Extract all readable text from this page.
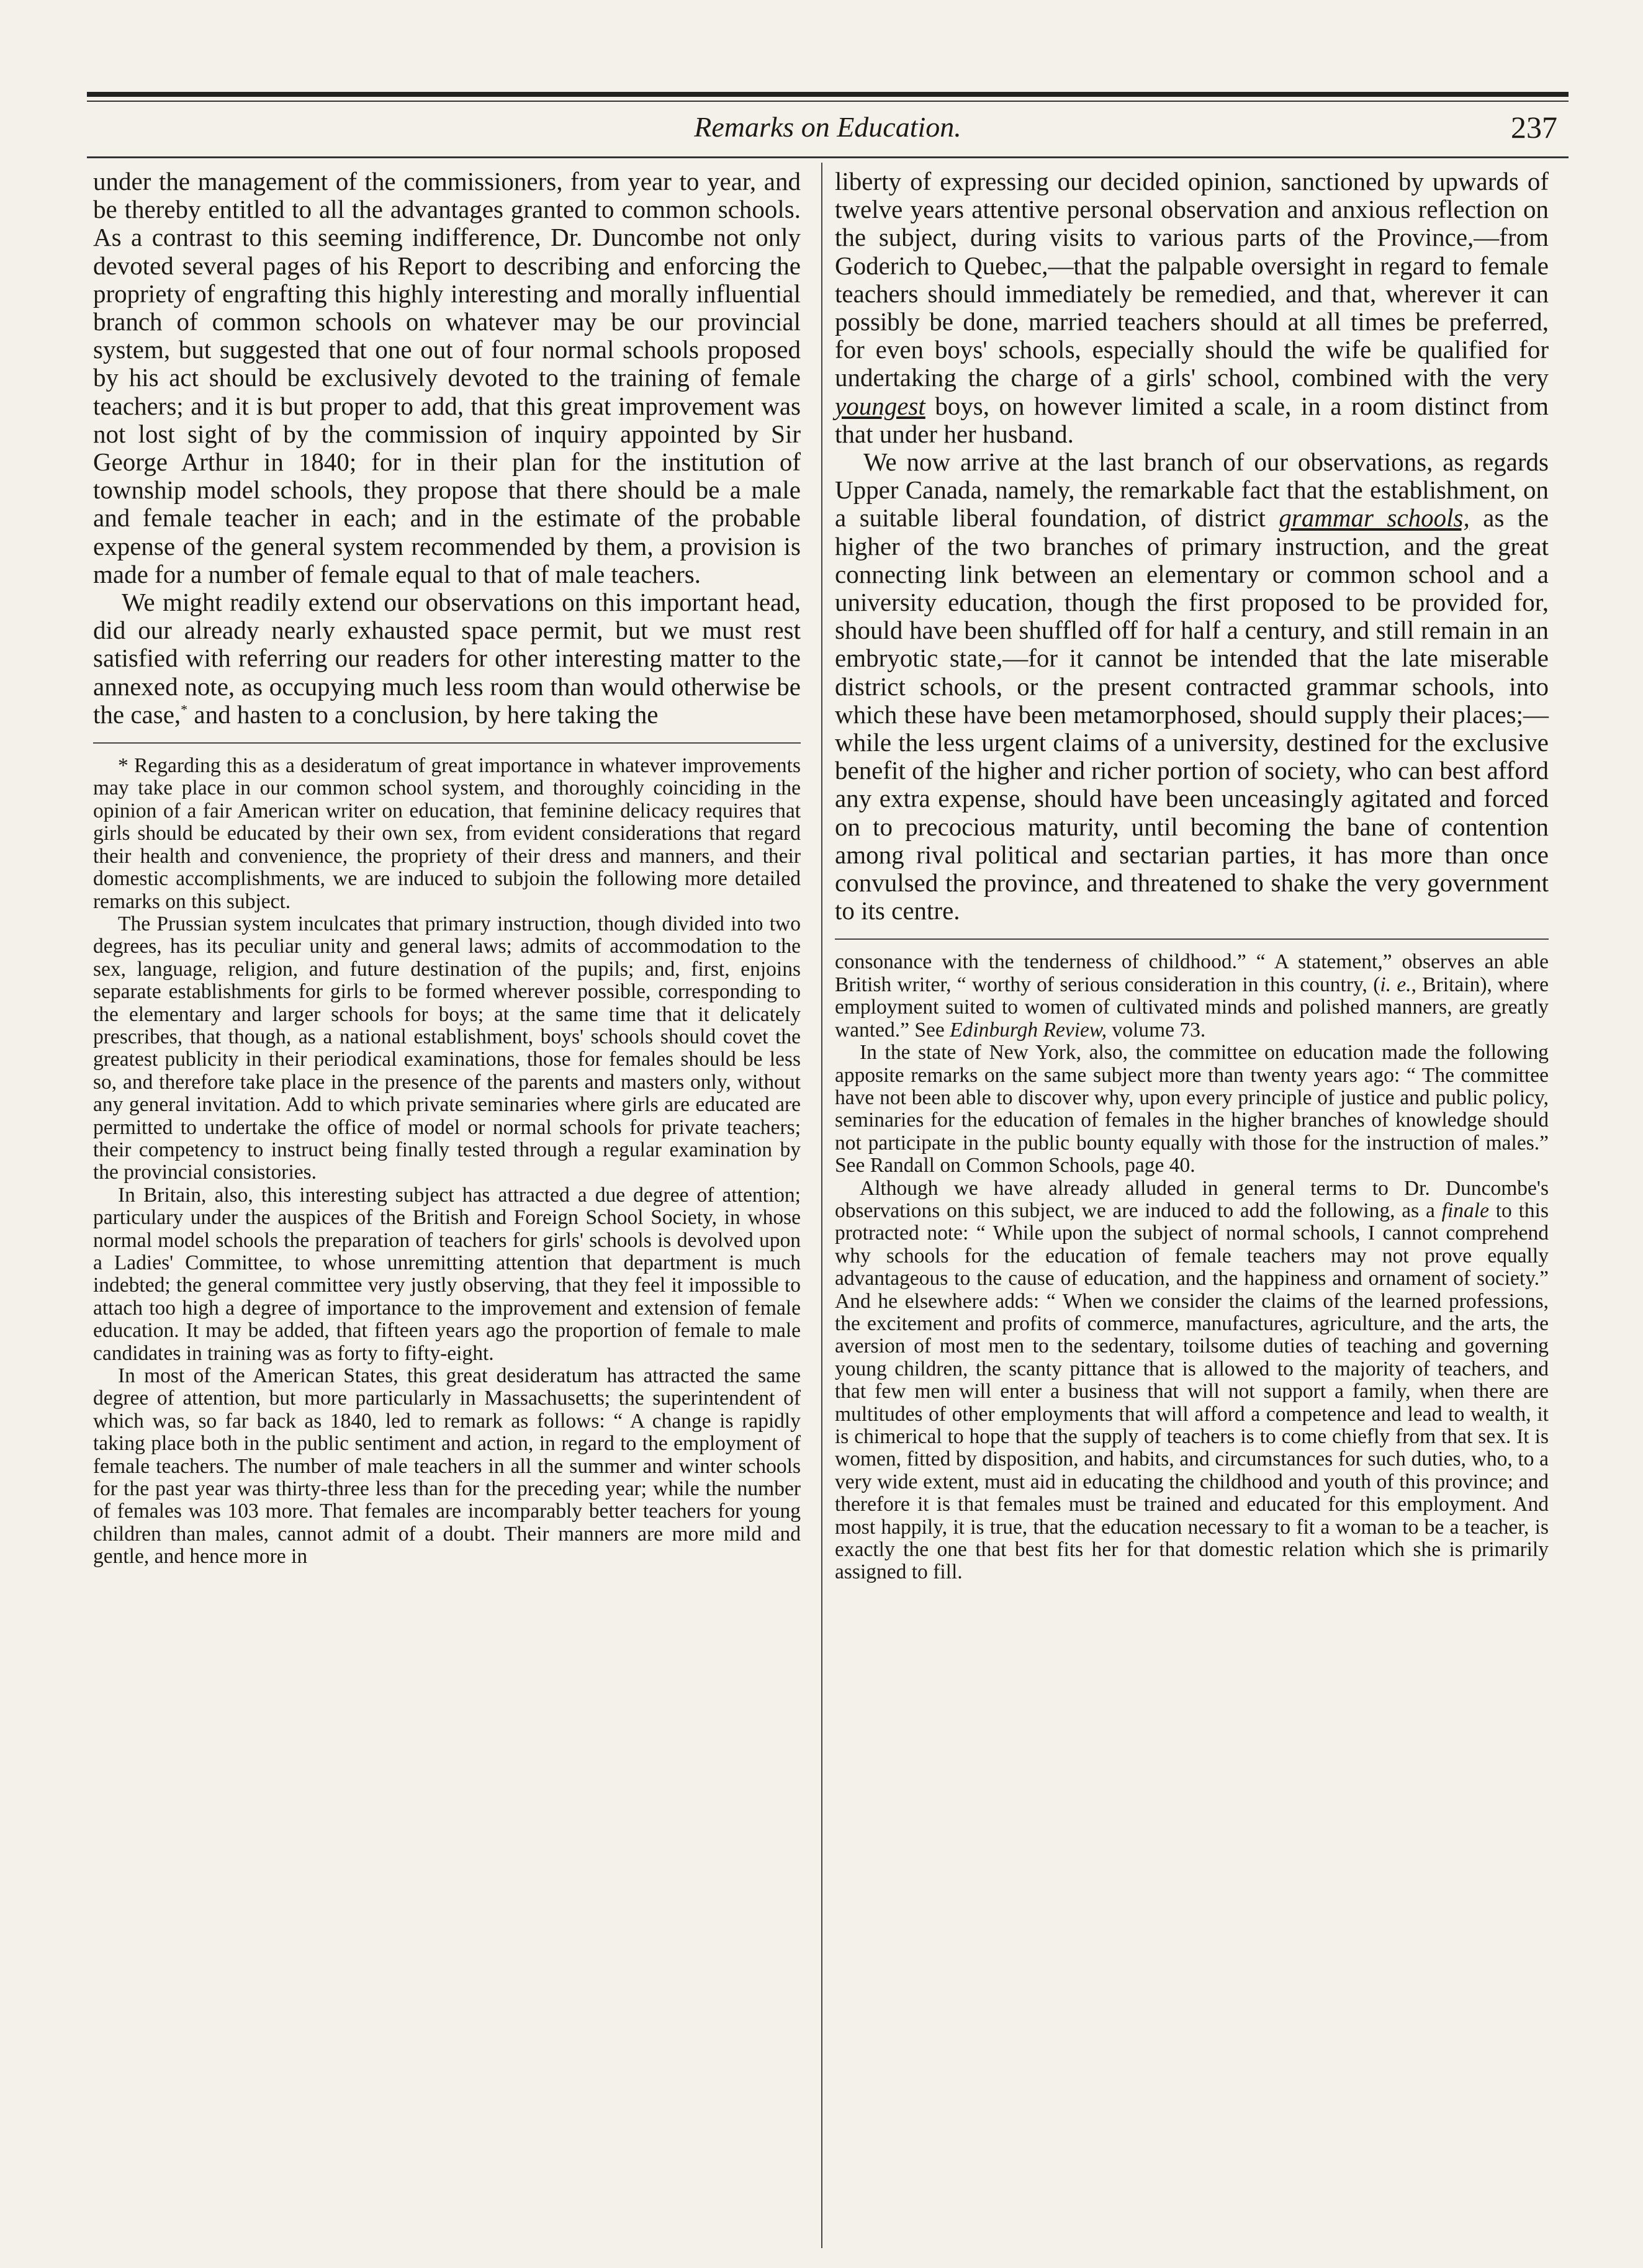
Remarks on Education.	237

under the management of the commissioners, from year to year, and be thereby entitled to all the advantages granted to common schools. As a contrast to this seeming indifference, Dr. Duncombe not only devoted several pages of his Report to describing and enforcing the propriety of engrafting this highly interesting and morally influential branch of common schools on whatever may be our provincial system, but suggested that one out of four normal schools proposed by his act should be exclusively devoted to the training of female teachers; and it is but proper to add, that this great improvement was not lost sight of by the commission of inquiry appointed by Sir George Arthur in 1840; for in their plan for the institution of township model schools, they propose that there should be a male and female teacher in each; and in the estimate of the probable expense of the general system recommended by them, a provision is made for a number of female equal to that of male teachers.

We might readily extend our observations on this important head, did our already nearly exhausted space permit, but we must rest satisfied with referring our readers for other interesting matter to the annexed note, as occupying much less room than would otherwise be the case,* and hasten to a conclusion, by here taking the

* Regarding this as a desideratum of great importance in whatever improvements may take place in our common school system, and thoroughly coinciding in the opinion of a fair American writer on education, that feminine delicacy requires that girls should be educated by their own sex, from evident considerations that regard their health and convenience, the propriety of their dress and manners, and their domestic accomplishments, we are induced to subjoin the following more detailed remarks on this subject.

The Prussian system inculcates that primary instruction, though divided into two degrees, has its peculiar unity and general laws; admits of accommodation to the sex, language, religion, and future destination of the pupils; and, first, enjoins separate establishments for girls to be formed wherever possible, corresponding to the elementary and larger schools for boys; at the same time that it delicately prescribes, that though, as a national establishment, boys' schools should covet the greatest publicity in their periodical examinations, those for females should be less so, and therefore take place in the presence of the parents and masters only, without any general invitation. Add to which private seminaries where girls are educated are permitted to undertake the office of model or normal schools for private teachers; their competency to instruct being finally tested through a regular examination by the provincial consistories.

In Britain, also, this interesting subject has attracted a due degree of attention; particulary under the auspices of the British and Foreign School Society, in whose normal model schools the preparation of teachers for girls' schools is devolved upon a Ladies' Committee, to whose unremitting attention that department is much indebted; the general committee very justly observing, that they feel it impossible to attach too high a degree of importance to the improvement and extension of female education. It may be added, that fifteen years ago the proportion of female to male candidates in training was as forty to fifty-eight.

In most of the American States, this great desideratum has attracted the same degree of attention, but more particularly in Massachusetts; the superintendent of which was, so far back as 1840, led to remark as follows: “ A change is rapidly taking place both in the public sentiment and action, in regard to the employment of female teachers. The number of male teachers in all the summer and winter schools for the past year was thirty-three less than for the preceding year; while the number of females was 103 more. That females are incomparably better teachers for young children than males, cannot admit of a doubt. Their manners are more mild and gentle, and hence more in

liberty of expressing our decided opinion, sanctioned by upwards of twelve years attentive personal observation and anxious reflection on the subject, during visits to various parts of the Province,—from Goderich to Quebec,—that the palpable oversight in regard to female teachers should immediately be remedied, and that, wherever it can possibly be done, married teachers should at all times be preferred, for even boys' schools, especially should the wife be qualified for undertaking the charge of a girls' school, combined with the very youngest boys, on however limited a scale, in a room distinct from that under her husband.

We now arrive at the last branch of our observations, as regards Upper Canada, namely, the remarkable fact that the establishment, on a suitable liberal foundation, of district grammar schools, as the higher of the two branches of primary instruction, and the great connecting link between an elementary or common school and a university education, though the first proposed to be provided for, should have been shuffled off for half a century, and still remain in an embryotic state,—for it cannot be intended that the late miserable district schools, or the present contracted grammar schools, into which these have been metamorphosed, should supply their places;—while the less urgent claims of a university, destined for the exclusive benefit of the higher and richer portion of society, who can best afford any extra expense, should have been unceasingly agitated and forced on to precocious maturity, until becoming the bane of contention among rival political and sectarian parties, it has more than once convulsed the province, and threatened to shake the very government to its centre.

consonance with the tenderness of childhood.” “ A statement,” observes an able British writer, “ worthy of serious consideration in this country, (i. e., Britain), where employment suited to women of cultivated minds and polished manners, are greatly wanted.” See Edinburgh Review, volume 73.

In the state of New York, also, the committee on education made the following apposite remarks on the same subject more than twenty years ago: “ The committee have not been able to discover why, upon every principle of justice and public policy, seminaries for the education of females in the higher branches of knowledge should not participate in the public bounty equally with those for the instruction of males.” See Randall on Common Schools, page 40.

Although we have already alluded in general terms to Dr. Duncombe's observations on this subject, we are induced to add the following, as a finale to this protracted note: “ While upon the subject of normal schools, I cannot comprehend why schools for the education of female teachers may not prove equally advantageous to the cause of education, and the happiness and ornament of society.” And he elsewhere adds: “ When we consider the claims of the learned professions, the excitement and profits of commerce, manufactures, agriculture, and the arts, the aversion of most men to the sedentary, toilsome duties of teaching and governing young children, the scanty pittance that is allowed to the majority of teachers, and that few men will enter a business that will not support a family, when there are multitudes of other employments that will afford a competence and lead to wealth, it is chimerical to hope that the supply of teachers is to come chiefly from that sex. It is women, fitted by disposition, and habits, and circumstances for such duties, who, to a very wide extent, must aid in educating the childhood and youth of this province; and therefore it is that females must be trained and educated for this employment. And most happily, it is true, that the education necessary to fit a woman to be a teacher, is exactly the one that best fits her for that domestic relation which she is primarily assigned to fill.
